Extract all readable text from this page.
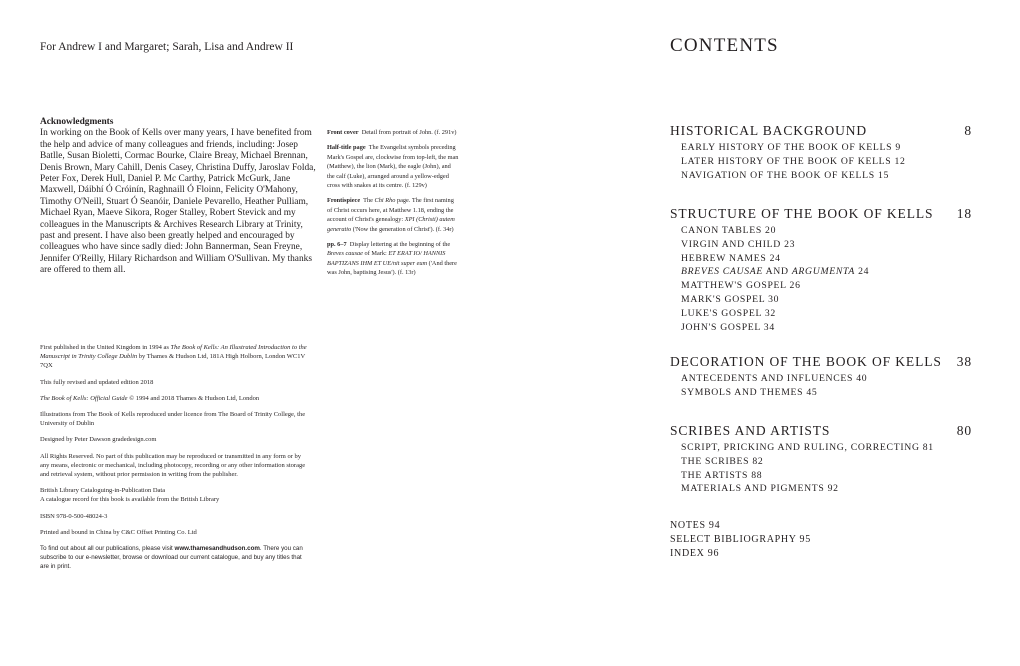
For Andrew I and Margaret; Sarah, Lisa and Andrew II
Acknowledgments
In working on the Book of Kells over many years, I have benefited from the help and advice of many colleagues and friends, including: Josep Batlle, Susan Bioletti, Cormac Bourke, Claire Breay, Michael Brennan, Denis Brown, Mary Cahill, Denis Casey, Christina Duffy, Jaroslav Folda, Peter Fox, Derek Hull, Daniel P. Mc Carthy, Patrick McGurk, Jane Maxwell, Dáibhí Ó Cróinín, Raghnaill Ó Floinn, Felicity O'Mahony, Timothy O'Neill, Stuart Ó Seanóir, Daniele Pevarello, Heather Pulliam, Michael Ryan, Maeve Sikora, Roger Stalley, Robert Stevick and my colleagues in the Manuscripts & Archives Research Library at Trinity, past and present. I have also been greatly helped and encouraged by colleagues who have since sadly died: John Bannerman, Sean Freyne, Jennifer O'Reilly, Hilary Richardson and William O'Sullivan. My thanks are offered to them all.

Front cover Detail from portrait of John. (f. 291v)

Half-title page The Evangelist symbols preceding Mark's Gospel are, clockwise from top-left, the man (Matthew), the lion (Mark), the eagle (John), and the calf (Luke), arranged around a yellow-edged cross with snakes at its centre. (f. 129v)

Frontispiece The Chi Rho page. The first naming of Christ occurs here, at Matthew 1.18, ending the account of Christ's genealogy: XPI (Christi) autem generatio ('Now the generation of Christ'). (f. 34r)

pp. 6–7 Display lettering at the beginning of the Breves causae of Mark: ET ERAT IO/ HANNIS BAPTIZANS IHM ET UE/nit super eum ('And there was John, baptising Jesus'). (f. 13r)

First published in the United Kingdom in 1994 as The Book of Kells: An Illustrated Introduction to the Manuscript in Trinity College Dublin by Thames & Hudson Ltd, 181A High Holborn, London WC1V 7QX

This fully revised and updated edition 2018

The Book of Kells: Official Guide © 1994 and 2018 Thames & Hudson Ltd, London

Illustrations from The Book of Kells reproduced under licence from The Board of Trinity College, the University of Dublin

Designed by Peter Dawson gradedesign.com

All Rights Reserved. No part of this publication may be reproduced or transmitted in any form or by any means, electronic or mechanical, including photocopy, recording or any other information storage and retrieval system, without prior permission in writing from the publisher.

British Library Cataloguing-in-Publication Data
A catalogue record for this book is available from the British Library

ISBN 978-0-500-48024-3

Printed and bound in China by C&C Offset Printing Co. Ltd

To find out about all our publications, please visit www.thamesandhudson.com. There you can subscribe to our e-newsletter, browse or download our current catalogue, and buy any titles that are in print.

CONTENTS
HISTORICAL BACKGROUND	8
EARLY HISTORY OF THE BOOK OF KELLS 9
LATER HISTORY OF THE BOOK OF KELLS 12
NAVIGATION OF THE BOOK OF KELLS 15
STRUCTURE OF THE BOOK OF KELLS 18
CANON TABLES 20
VIRGIN AND CHILD 23
HEBREW NAMES 24
BREVES CAUSAE AND ARGUMENTA 24
MATTHEW'S GOSPEL 26
MARK'S GOSPEL 30
LUKE'S GOSPEL 32
JOHN'S GOSPEL 34
DECORATION OF THE BOOK OF KELLS 38
ANTECEDENTS AND INFLUENCES 40
SYMBOLS AND THEMES 45
SCRIBES AND ARTISTS	80
SCRIPT, PRICKING AND RULING, CORRECTING 81
THE SCRIBES 82
THE ARTISTS 88
MATERIALS AND PIGMENTS 92
NOTES 94
SELECT BIBLIOGRAPHY 95
INDEX 96
